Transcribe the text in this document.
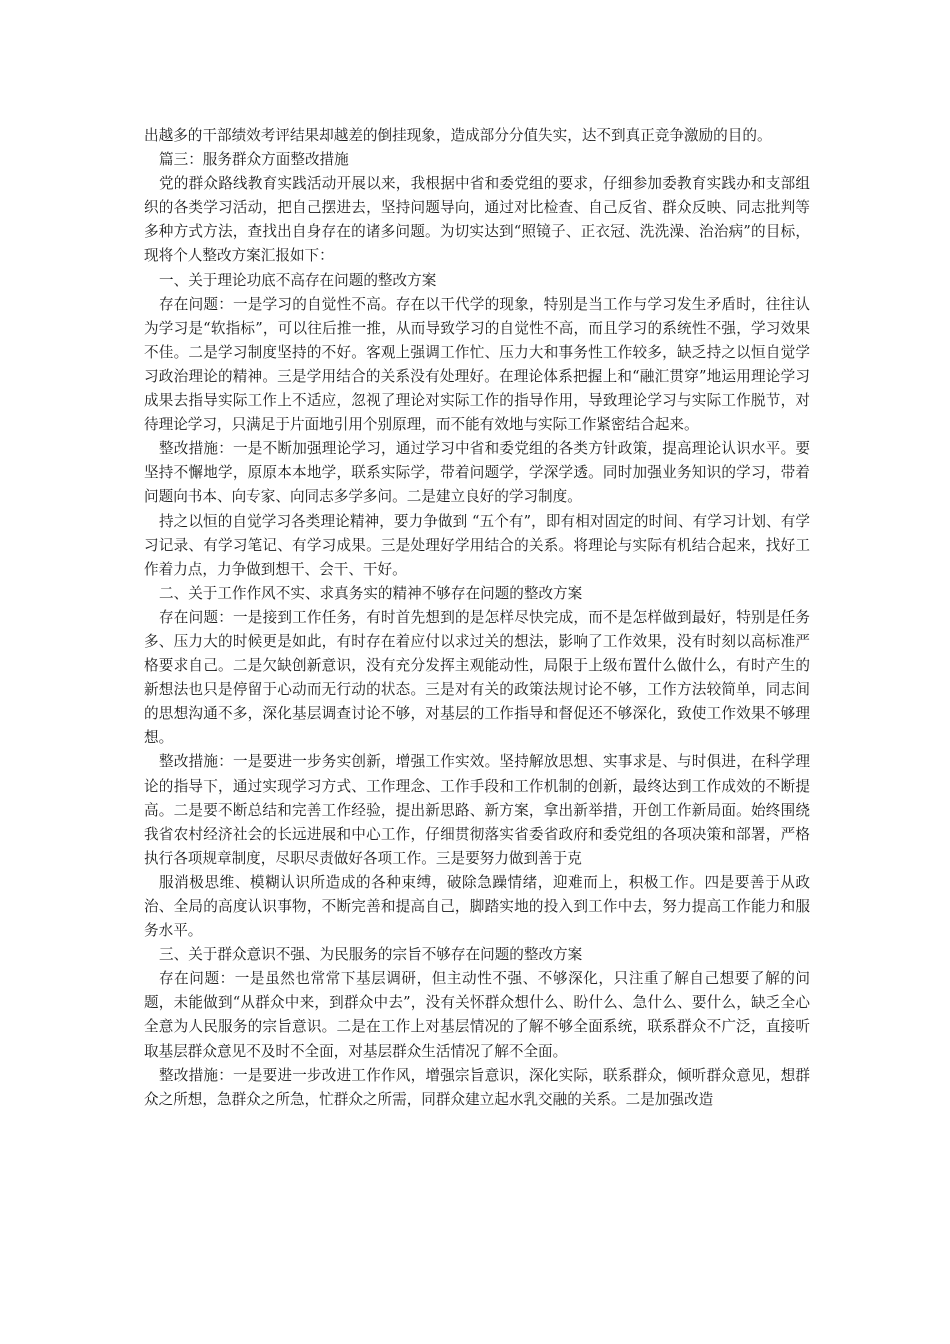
出越多的干部绩效考评结果却越差的倒挂现象，造成部分分值失实，达不到真正竞争激励的目的。

篇三：服务群众方面整改措施

党的群众路线教育实践活动开展以来，我根据中省和委党组的要求，仔细参加委教育实践办和支部组织的各类学习活动，把自己摆进去，坚持问题导向，通过对比检查、自己反省、群众反映、同志批判等多种方式方法，查找出自身存在的诸多问题。为切实达到“照镜子、正衣冠、洗洗澡、治治病”的目标，现将个人整改方案汇报如下：

一、关于理论功底不高存在问题的整改方案

存在问题：一是学习的自觉性不高。存在以干代学的现象，特别是当工作与学习发生矛盾时，往往认为学习是“软指标”，可以往后推一推，从而导致学习的自觉性不高，而且学习的系统性不强，学习效果不佳。二是学习制度坚持的不好。客观上强调工作忙、压力大和事务性工作较多，缺乏持之以恒自觉学习政治理论的精神。三是学用结合的关系没有处理好。在理论体系把握上和“融汇贯穿”地运用理论学习成果去指导实际工作上不适应，忽视了理论对实际工作的指导作用，导致理论学习与实际工作脱节，对待理论学习，只满足于片面地引用个别原理，而不能有效地与实际工作紧密结合起来。

整改措施：一是不断加强理论学习，通过学习中省和委党组的各类方针政策，提高理论认识水平。要坚持不懈地学，原原本本地学，联系实际学，带着问题学，学深学透。同时加强业务知识的学习，带着问题向书本、向专家、向同志多学多问。二是建立良好的学习制度。

持之以恒的自觉学习各类理论精神，要力争做到 “五个有”，即有相对固定的时间、有学习计划、有学习记录、有学习笔记、有学习成果。三是处理好学用结合的关系。将理论与实际有机结合起来，找好工作着力点，力争做到想干、会干、干好。

二、关于工作作风不实、求真务实的精神不够存在问题的整改方案

存在问题：一是接到工作任务，有时首先想到的是怎样尽快完成，而不是怎样做到最好，特别是任务多、压力大的时候更是如此，有时存在着应付以求过关的想法，影响了工作效果，没有时刻以高标准严格要求自己。二是欠缺创新意识，没有充分发挥主观能动性，局限于上级布置什么做什么，有时产生的新想法也只是停留于心动而无行动的状态。三是对有关的政策法规讨论不够，工作方法较简单，同志间的思想沟通不多，深化基层调查讨论不够，对基层的工作指导和督促还不够深化，致使工作效果不够理想。

整改措施：一是要进一步务实创新，增强工作实效。坚持解放思想、实事求是、与时俱进，在科学理论的指导下，通过实现学习方式、工作理念、工作手段和工作机制的创新，最终达到工作成效的不断提高。二是要不断总结和完善工作经验，提出新思路、新方案，拿出新举措，开创工作新局面。始终围绕我省农村经济社会的长远进展和中心工作，仔细贯彻落实省委省政府和委党组的各项决策和部署，严格执行各项规章制度，尽职尽责做好各项工作。三是要努力做到善于克

服消极思维、模糊认识所造成的各种束缚，破除急躁情绪，迎难而上，积极工作。四是要善于从政治、全局的高度认识事物，不断完善和提高自己，脚踏实地的投入到工作中去，努力提高工作能力和服务水平。

三、关于群众意识不强、为民服务的宗旨不够存在问题的整改方案

存在问题：一是虽然也常常下基层调研，但主动性不强、不够深化，只注重了解自己想要了解的问题，未能做到“从群众中来，到群众中去”，没有关怀群众想什么、盼什么、急什么、要什么，缺乏全心全意为人民服务的宗旨意识。二是在工作上对基层情况的了解不够全面系统，联系群众不广泛，直接听取基层群众意见不及时不全面，对基层群众生活情况了解不全面。

整改措施：一是要进一步改进工作作风，增强宗旨意识，深化实际，联系群众，倾听群众意见，想群众之所想，急群众之所急，忙群众之所需，同群众建立起水乳交融的关系。二是加强改造
